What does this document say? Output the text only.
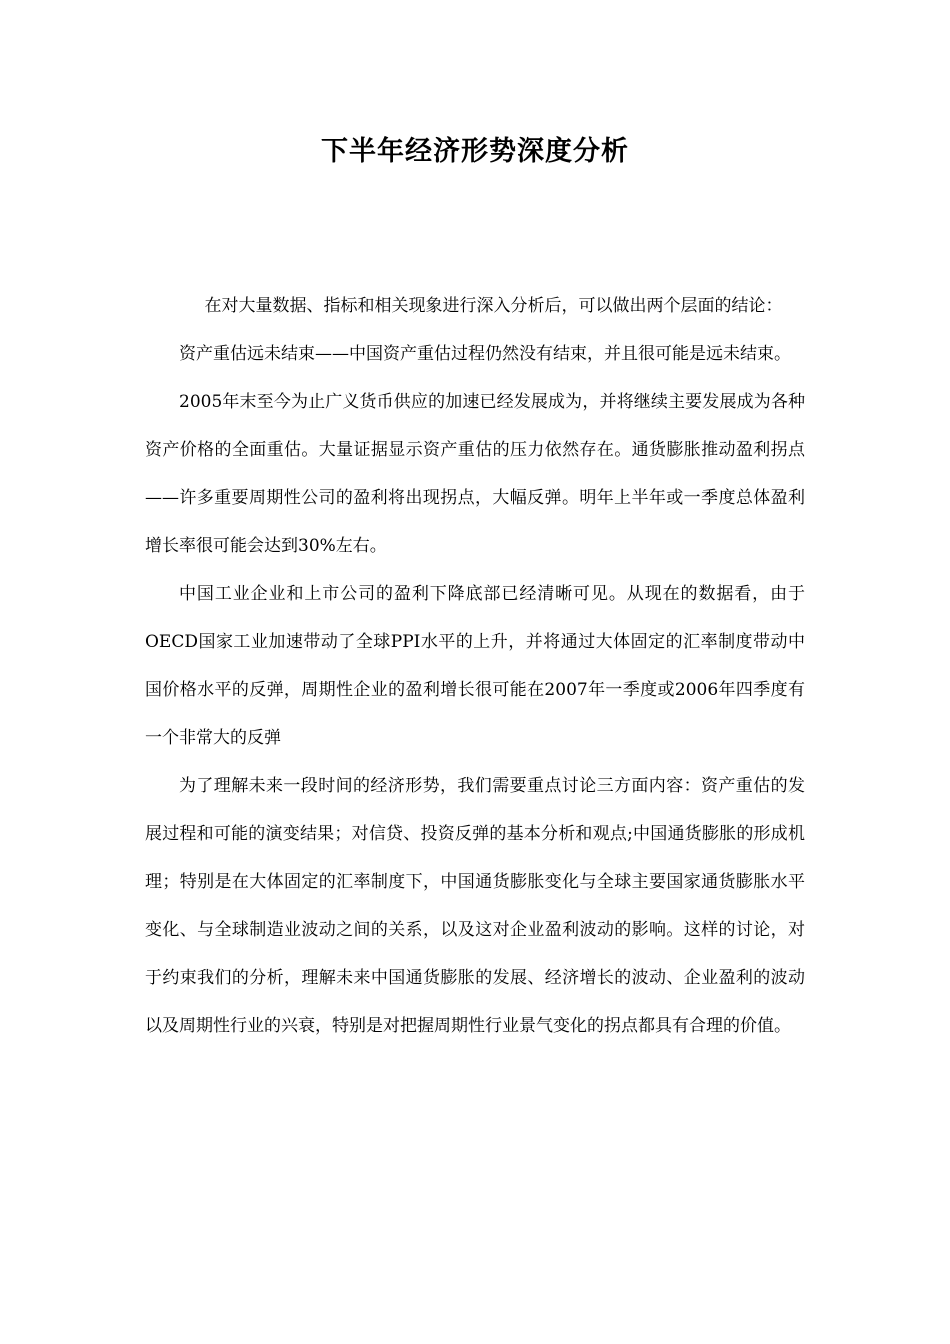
下半年经济形势深度分析

在对大量数据、指标和相关现象进行深入分析后，可以做出两个层面的结论：

资产重估远未结束——中国资产重估过程仍然没有结束，并且很可能是远未结束。

2005年末至今为止广义货币供应的加速已经发展成为，并将继续主要发展成为各种资产价格的全面重估。大量证据显示资产重估的压力依然存在。通货膨胀推动盈利拐点——许多重要周期性公司的盈利将出现拐点，大幅反弹。明年上半年或一季度总体盈利增长率很可能会达到30%左右。

中国工业企业和上市公司的盈利下降底部已经清晰可见。从现在的数据看，由于OECD国家工业加速带动了全球PPI水平的上升，并将通过大体固定的汇率制度带动中国价格水平的反弹，周期性企业的盈利增长很可能在2007年一季度或2006年四季度有一个非常大的反弹

为了理解未来一段时间的经济形势，我们需要重点讨论三方面内容：资产重估的发展过程和可能的演变结果；对信贷、投资反弹的基本分析和观点;中国通货膨胀的形成机理；特别是在大体固定的汇率制度下，中国通货膨胀变化与全球主要国家通货膨胀水平变化、与全球制造业波动之间的关系，以及这对企业盈利波动的影响。这样的讨论，对于约束我们的分析，理解未来中国通货膨胀的发展、经济增长的波动、企业盈利的波动以及周期性行业的兴衰，特别是对把握周期性行业景气变化的拐点都具有合理的价值。
